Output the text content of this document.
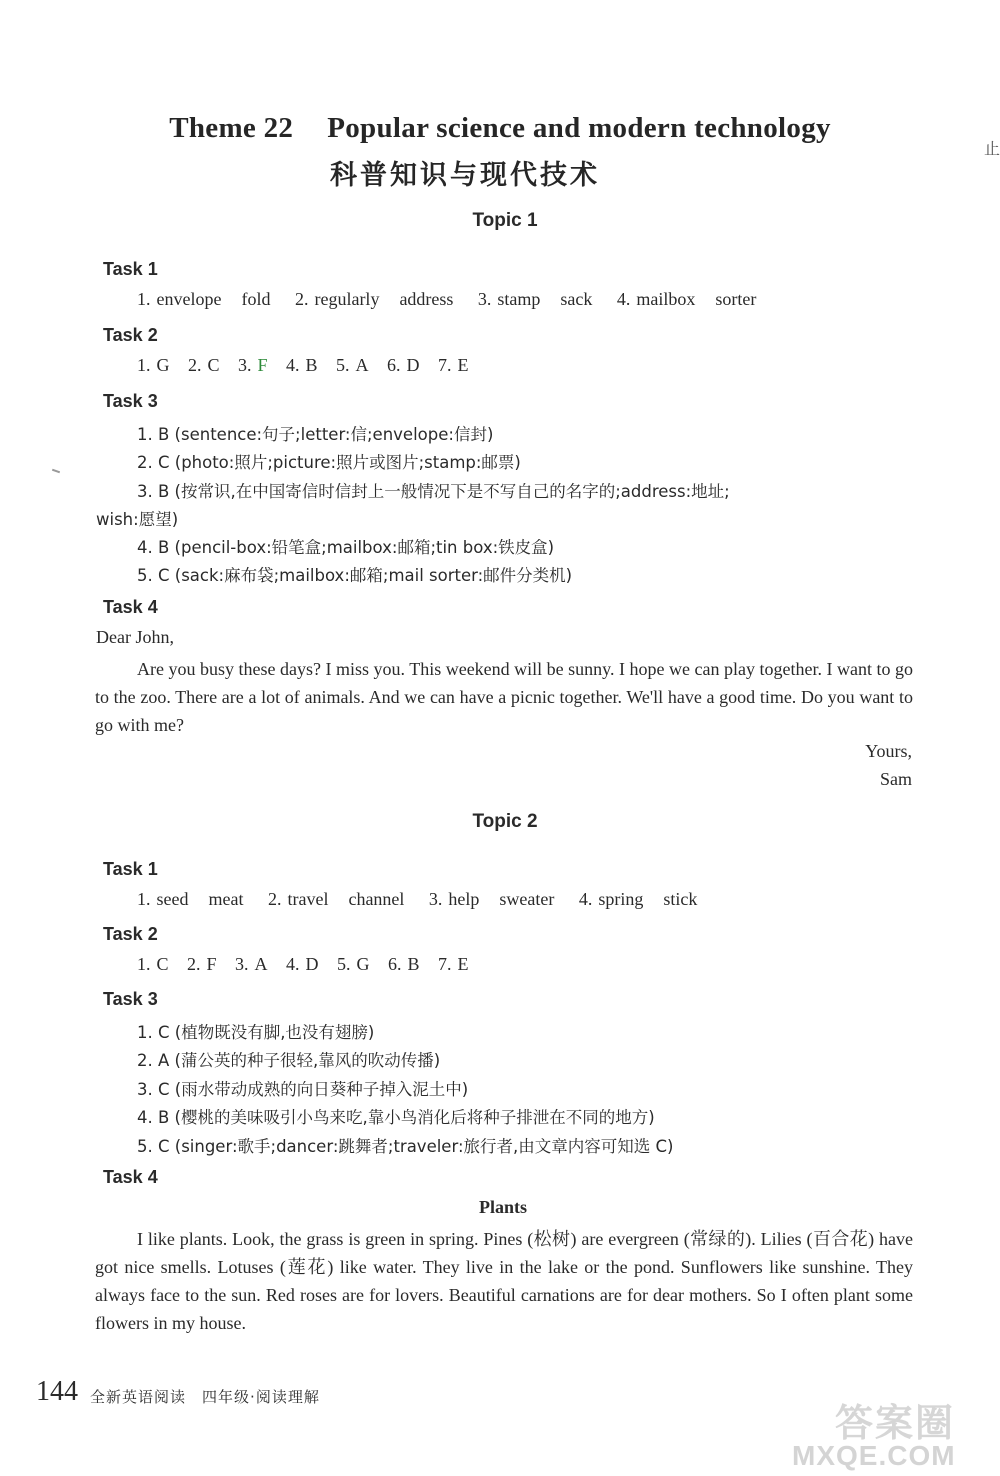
Theme 22 Popular science and modern technology
科普知识与现代技术
止
Topic 1
Task 1
1. envelope fold 2. regularly address 3. stamp sack 4. mailbox sorter
Task 2
1. G 2. C 3. F 4. B 5. A 6. D 7. E
Task 3
1. B (sentence:句子;letter:信;envelope:信封)
2. C (photo:照片;picture:照片或图片;stamp:邮票)
3. B (按常识,在中国寄信时信封上一般情况下是不写自己的名字的;address:地址;
wish:愿望)
4. B (pencil-box:铅笔盒;mailbox:邮箱;tin box:铁皮盒)
5. C (sack:麻布袋;mailbox:邮箱;mail sorter:邮件分类机)
Task 4
Dear John,
Are you busy these days? I miss you. This weekend will be sunny. I hope we can play together. I want to go to the zoo. There are a lot of animals. And we can have a picnic together. We'll have a good time. Do you want to go with me?
Yours,
Sam
Topic 2
Task 1
1. seed meat 2. travel channel 3. help sweater 4. spring stick
Task 2
1. C 2. F 3. A 4. D 5. G 6. B 7. E
Task 3
1. C (植物既没有脚,也没有翅膀)
2. A (蒲公英的种子很轻,靠风的吹动传播)
3. C (雨水带动成熟的向日葵种子掉入泥土中)
4. B (樱桃的美味吸引小鸟来吃,靠小鸟消化后将种子排泄在不同的地方)
5. C (singer:歌手;dancer:跳舞者;traveler:旅行者,由文章内容可知选 C)
Task 4
Plants
I like plants. Look, the grass is green in spring. Pines (松树) are evergreen (常绿的). Lilies (百合花) have got nice smells. Lotuses (莲花) like water. They live in the lake or the pond. Sunflowers like sunshine. They always face to the sun. Red roses are for lovers. Beautiful carnations are for dear mothers. So I often plant some flowers in my house.
144 全新英语阅读 四年级·阅读理解
答案圈
MXQE.COM
